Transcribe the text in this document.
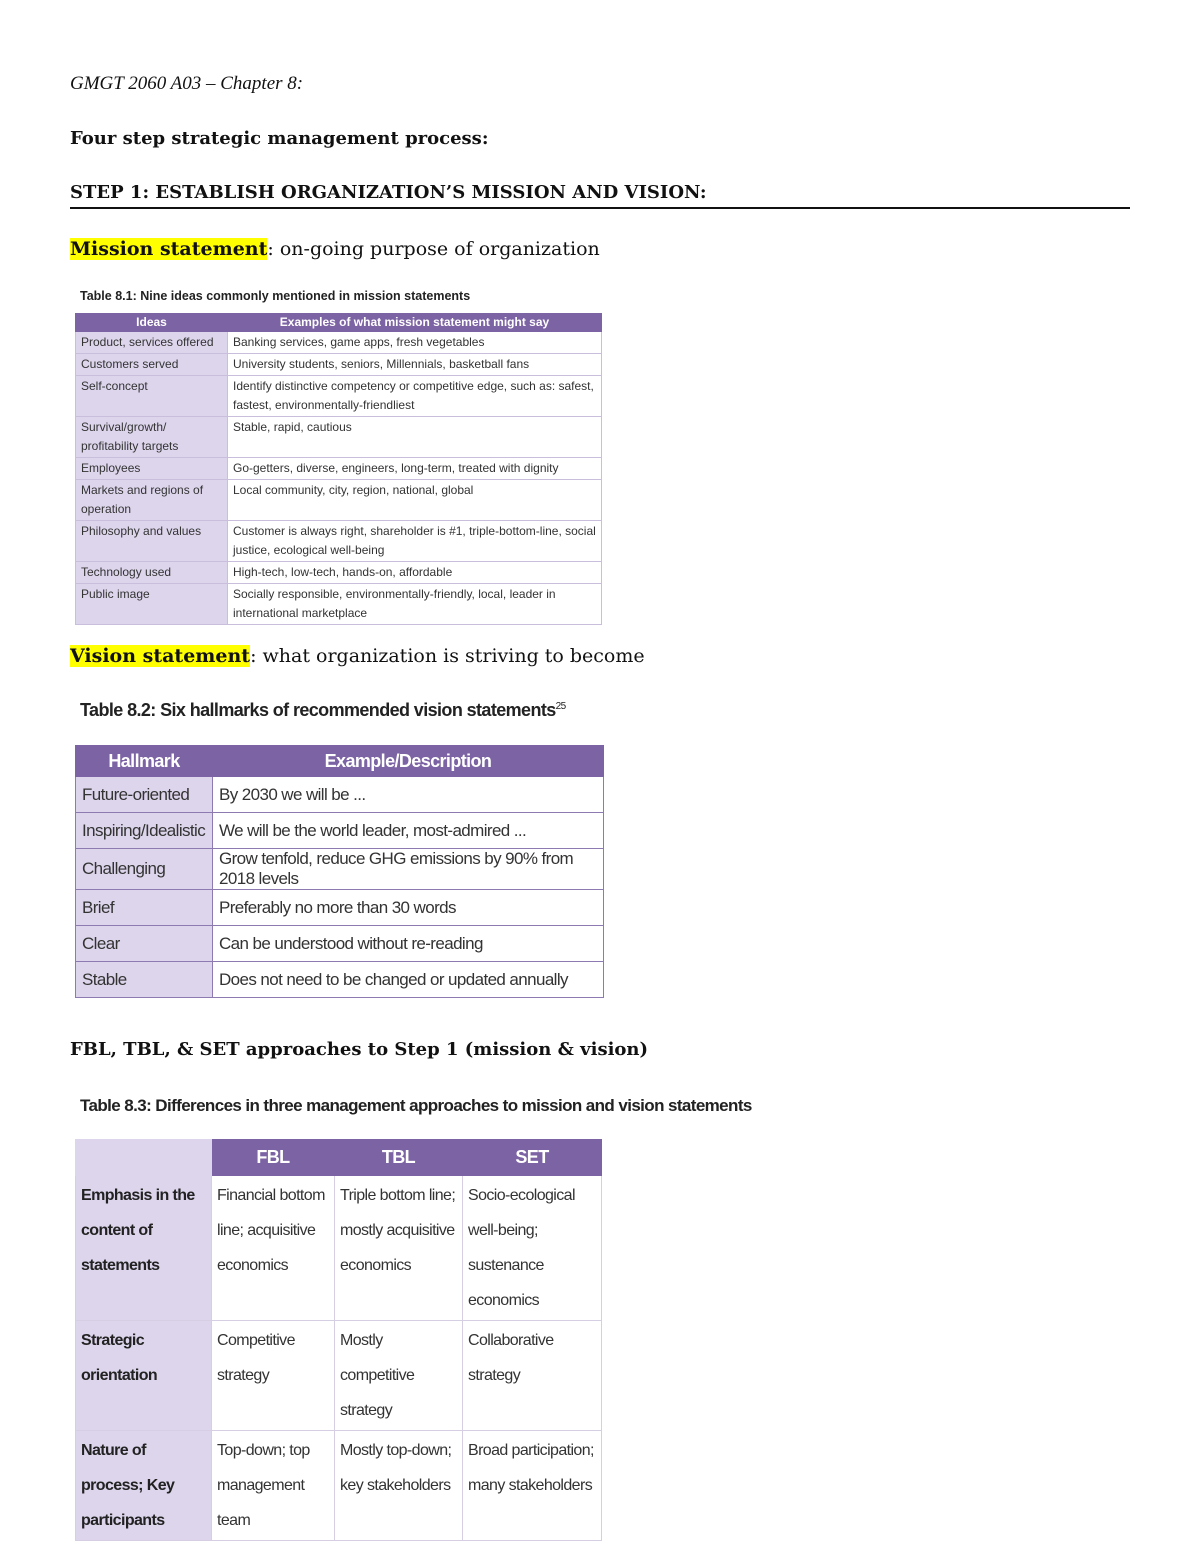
GMGT 2060 A03 – Chapter 8:
Four step strategic management process:
STEP 1: ESTABLISH ORGANIZATION’S MISSION AND VISION:
Mission statement: on-going purpose of organization
Table 8.1: Nine ideas commonly mentioned in mission statements
Ideas	Examples of what mission statement might say
Product, services offered	Banking services, game apps, fresh vegetables
Customers served	University students, seniors, Millennials, basketball fans
Self-concept	Identify distinctive competency or competitive edge, such as: safest, fastest, environmentally-friendliest
Survival/growth/ profitability targets	Stable, rapid, cautious
Employees	Go-getters, diverse, engineers, long-term, treated with dignity
Markets and regions of operation	Local community, city, region, national, global
Philosophy and values	Customer is always right, shareholder is #1, triple-bottom-line, social justice, ecological well-being
Technology used	High-tech, low-tech, hands-on, affordable
Public image	Socially responsible, environmentally-friendly, local, leader in international marketplace
Vision statement: what organization is striving to become
Table 8.2: Six hallmarks of recommended vision statements$^{25}$
Hallmark	Example/Description
Future-oriented	By 2030 we will be ...
Inspiring/Idealistic	We will be the world leader, most-admired ...
Challenging	Grow tenfold, reduce GHG emissions by 90% from 2018 levels
Brief	Preferably no more than 30 words
Clear	Can be understood without re-reading
Stable	Does not need to be changed or updated annually
FBL, TBL, & SET approaches to Step 1 (mission & vision)
Table 8.3: Differences in three management approaches to mission and vision statements
	FBL	TBL	SET
Emphasis in the content of statements	Financial bottom line; acquisitive economics	Triple bottom line; mostly acquisitive economics	Socio-ecological well-being; sustenance economics
Strategic orientation	Competitive strategy	Mostly competitive strategy	Collaborative strategy
Nature of process; Key participants	Top-down; top management team	Mostly top-down; key stakeholders	Broad participation; many stakeholders
